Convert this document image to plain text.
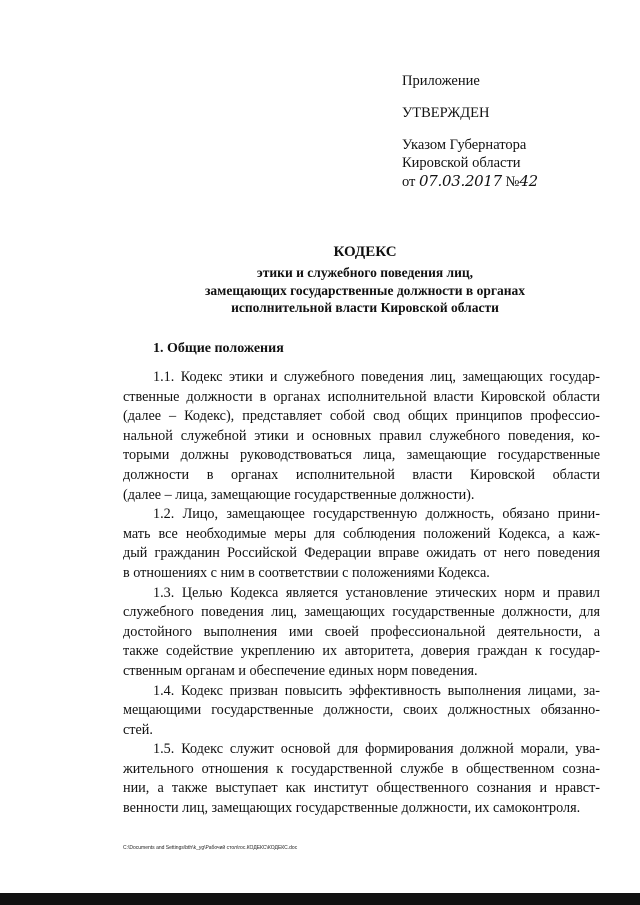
Приложение
УТВЕРЖДЕН
Указом Губернатора
Кировской области
от 07.03.2017 №42
КОДЕКС
этики и служебного поведения лиц,
замещающих государственные должности в органах
исполнительной власти Кировской области
1. Общие положения

1.1. Кодекс этики и служебного поведения лиц, замещающих государ-
ственные должности в органах исполнительной власти Кировской области
(далее – Кодекс), представляет собой свод общих принципов профессио-
нальной служебной этики и основных правил служебного поведения, ко-
торыми должны руководствоваться лица, замещающие государственные
должности в органах исполнительной власти Кировской области
(далее – лица, замещающие государственные должности).

1.2. Лицо, замещающее государственную должность, обязано прини-
мать все необходимые меры для соблюдения положений Кодекса, а каж-
дый гражданин Российской Федерации вправе ожидать от него поведения
в отношениях с ним в соответствии с положениями Кодекса.

1.3. Целью Кодекса является установление этических норм и правил
служебного поведения лиц, замещающих государственные должности, для
достойного выполнения ими своей профессиональной деятельности, а
также содействие укреплению их авторитета, доверия граждан к государ-
ственным органам и обеспечение единых норм поведения.

1.4. Кодекс призван повысить эффективность выполнения лицами, за-
мещающими государственные должности, своих должностных обязанно-
стей.

1.5. Кодекс служит основой для формирования должной морали, ува-
жительного отношения к государственной службе в общественном созна-
нии, а также выступает как институт общественного сознания и нравст-
венности лиц, замещающих государственные должности, их самоконтроля.

C:\Documents and Settings\bth\k_yg\Рабочий стол\гос.КОДЕКС\КОДЕКС.doc
